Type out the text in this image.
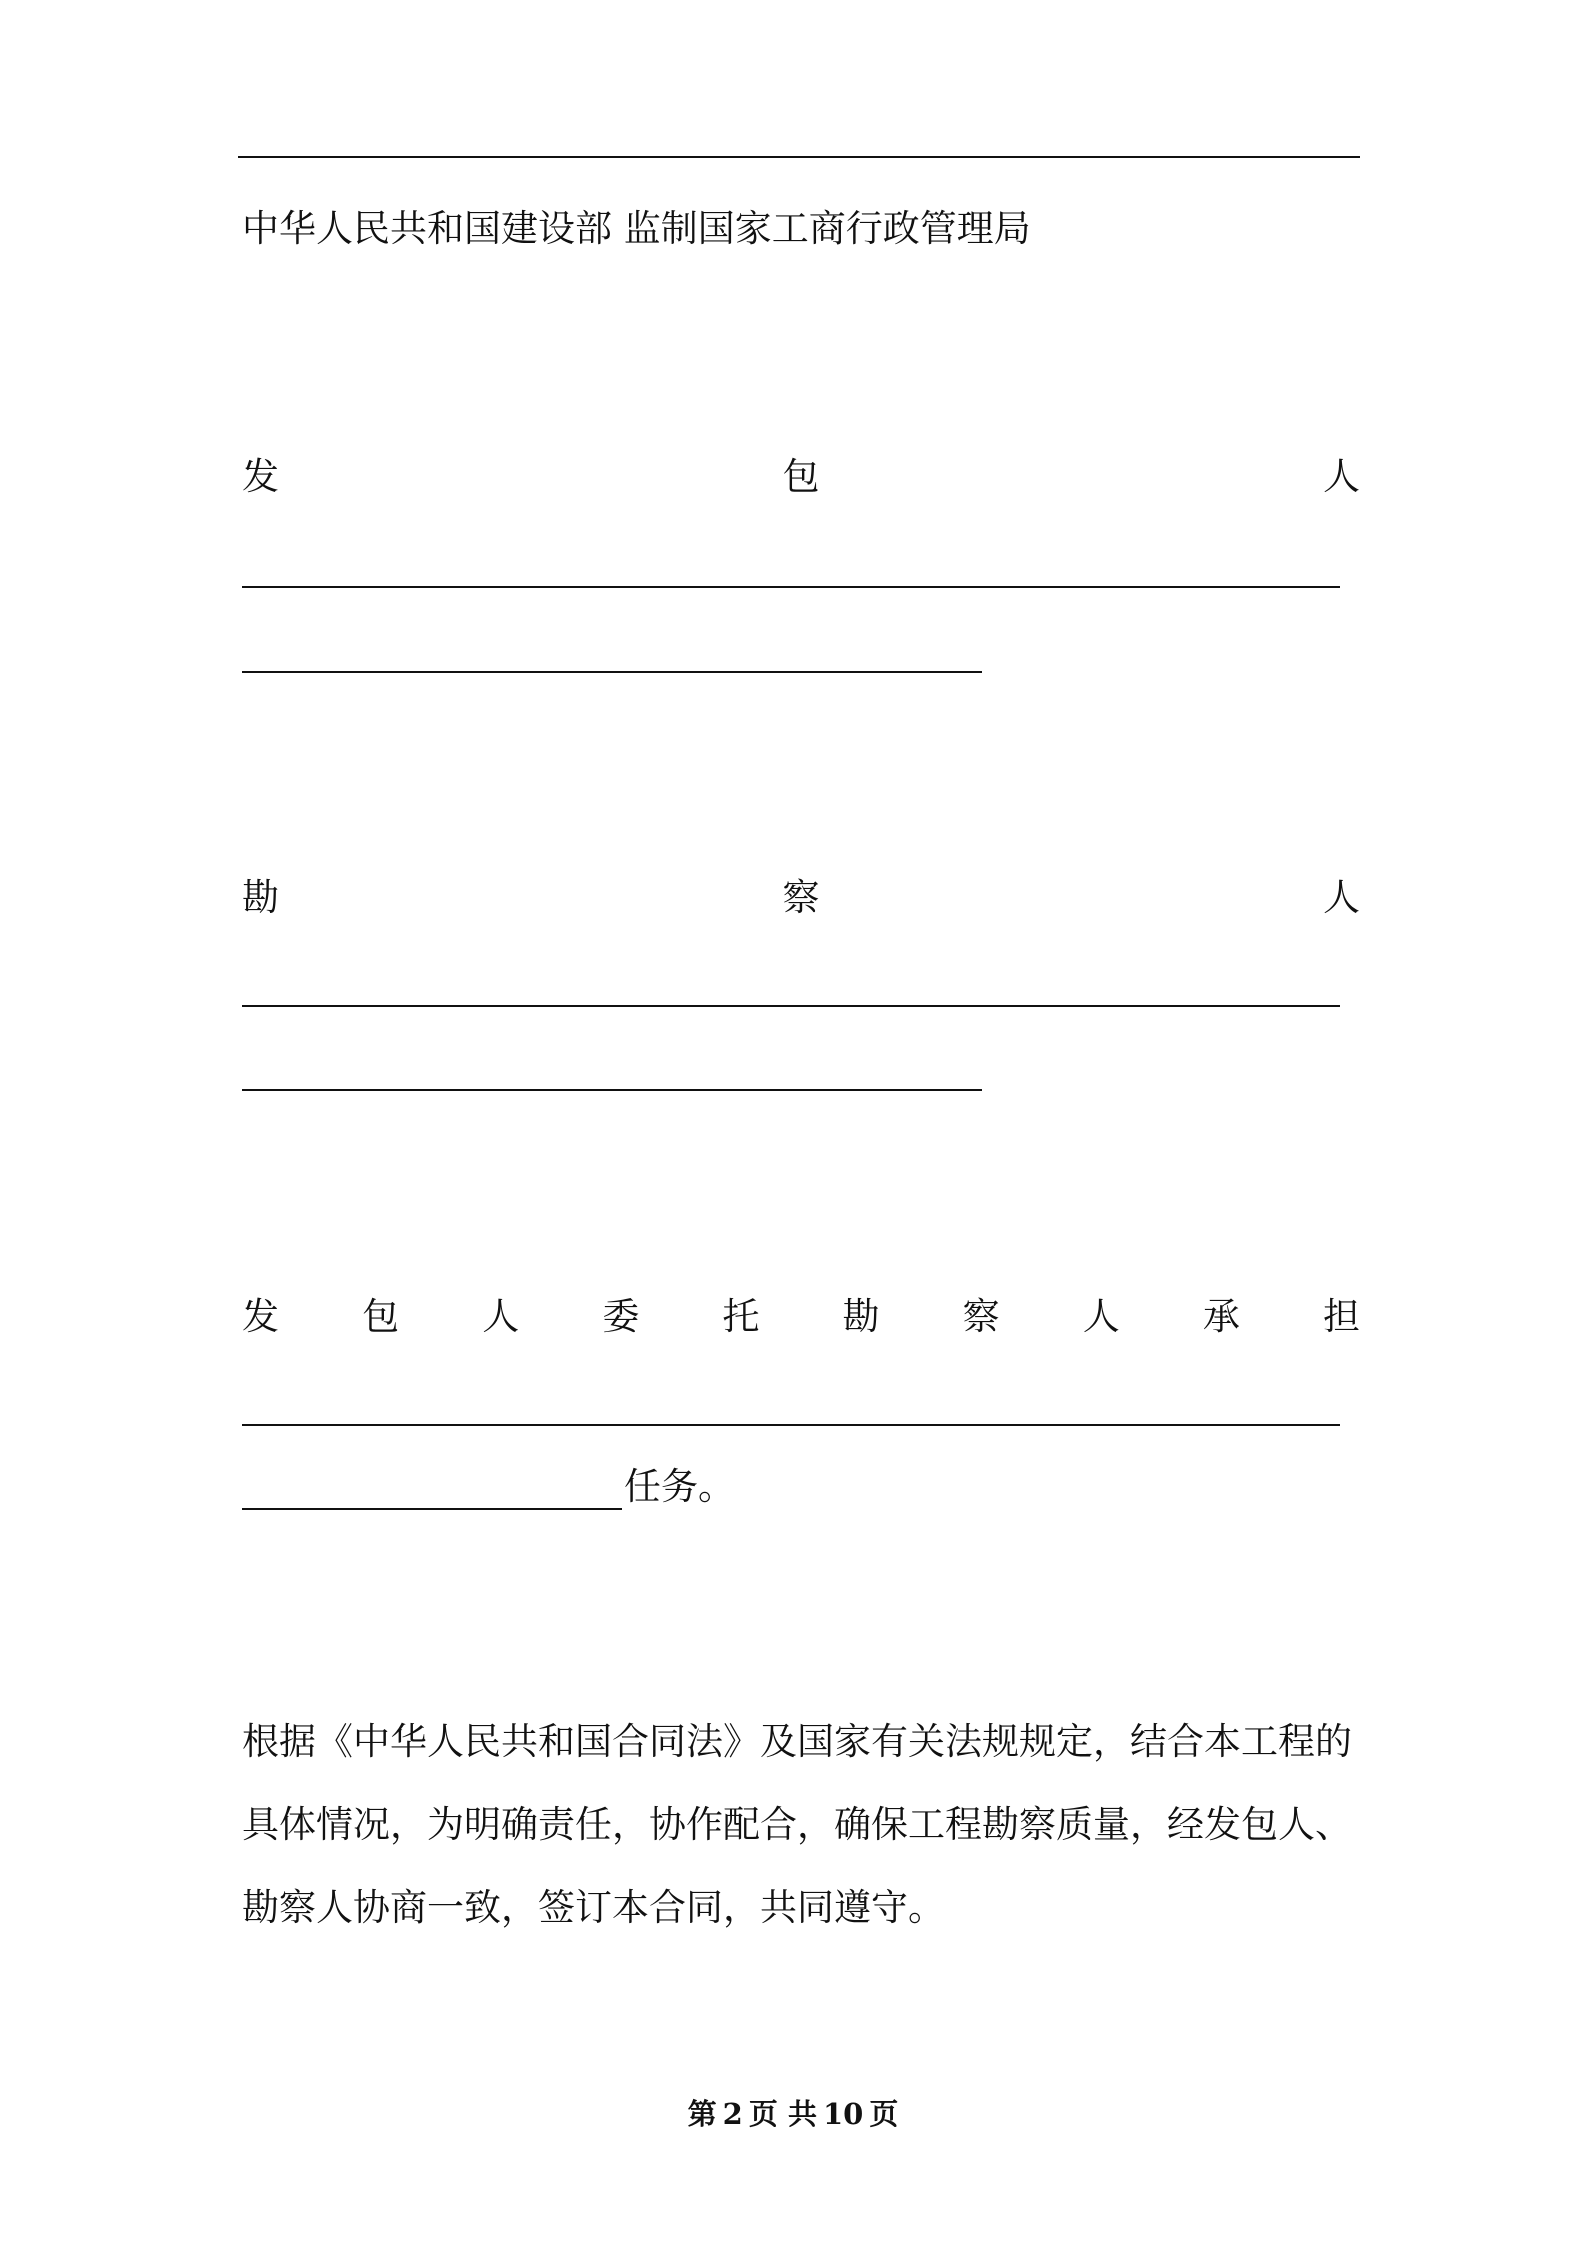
中华人民共和国建设部 监制国家工商行政管理局
发	包	人
勘	察	人
发 包 人 委 托 勘 察 人 承 担
任务。
根据《中华人民共和国合同法》及国家有关法规规定，结合本工程的
具体情况，为明确责任，协作配合，确保工程勘察质量，经发包人、
勘察人协商一致，签订本合同，共同遵守。
第 2 页 共 10 页
